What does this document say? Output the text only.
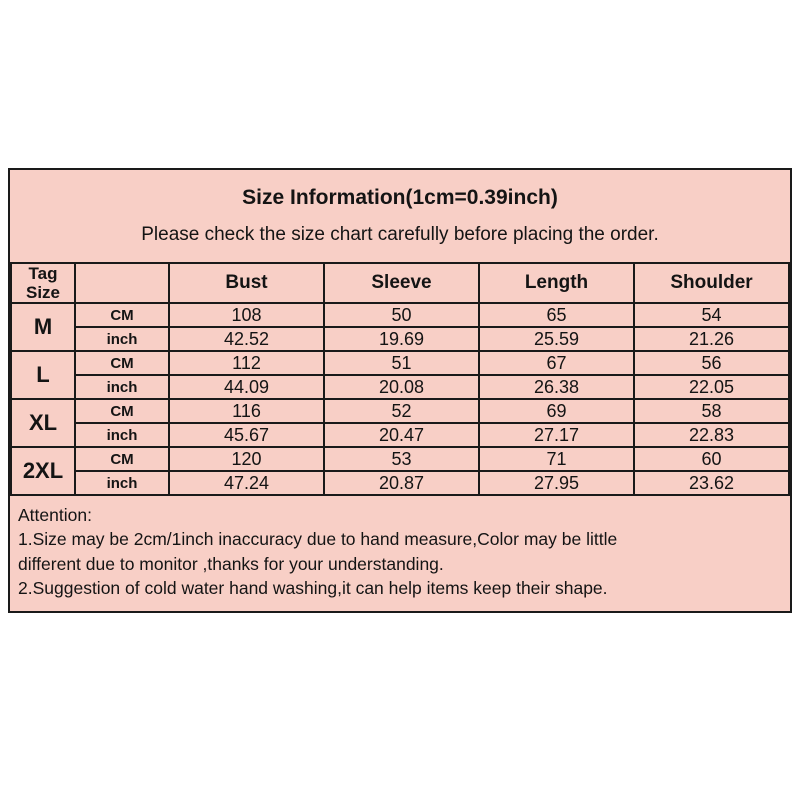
Size Information(1cm=0.39inch)
Please check the size chart carefully before placing the order.
Tag
Size		Bust	Sleeve	Length	Shoulder
M	CM	108	50	65	54
	inch	42.52	19.69	25.59	21.26
L	CM	112	51	67	56
	inch	44.09	20.08	26.38	22.05
XL	CM	116	52	69	58
	inch	45.67	20.47	27.17	22.83
2XL	CM	120	53	71	60
	inch	47.24	20.87	27.95	23.62
Attention:
1.Size may be 2cm/1inch inaccuracy due to hand measure,Color may be little
different due to monitor ,thanks for your understanding.
2.Suggestion of cold water hand washing,it can help items keep their shape.
